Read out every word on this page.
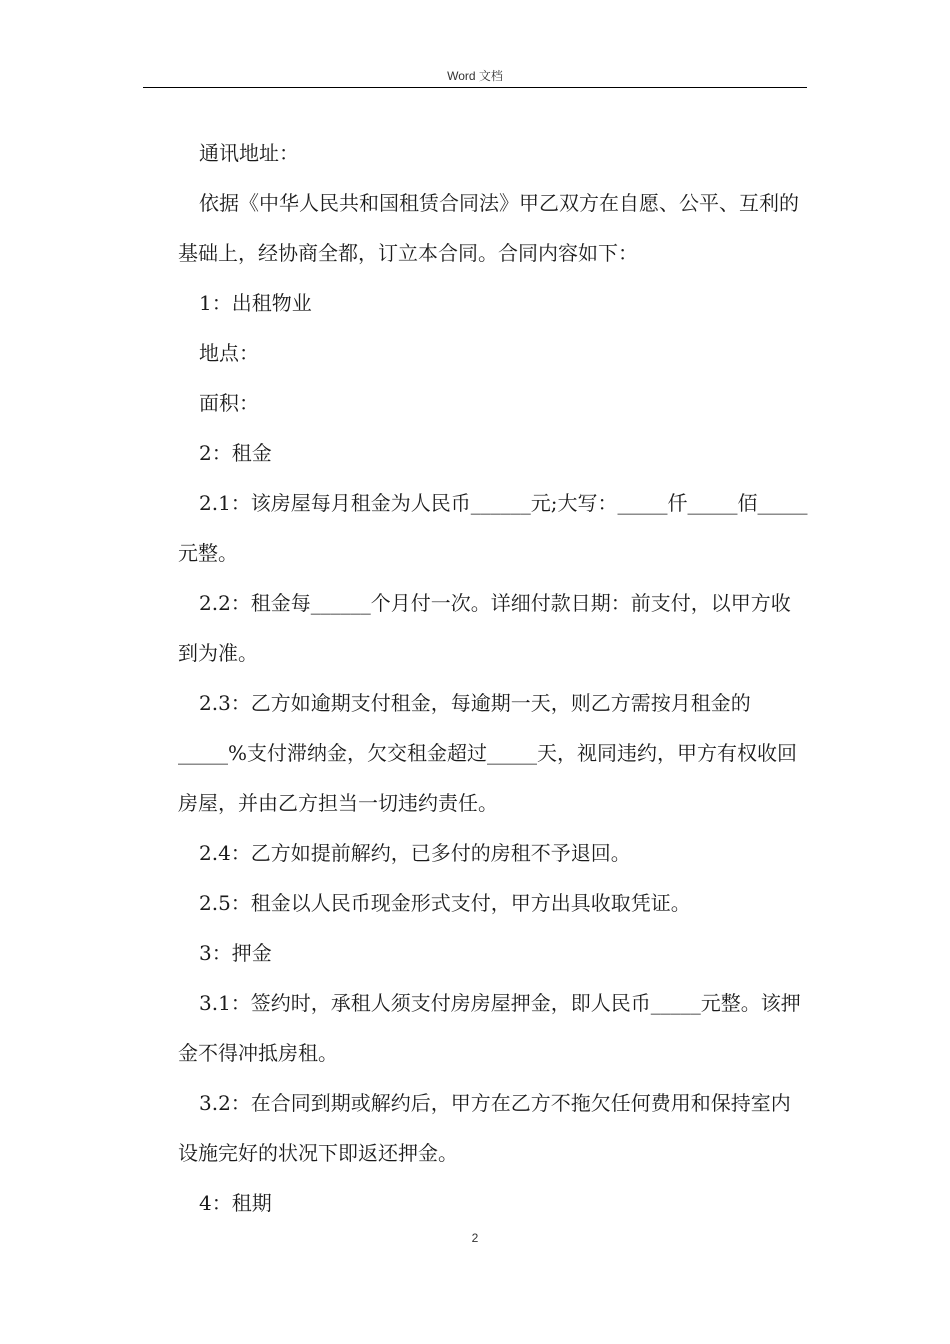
Word 文档

通讯地址：

依据《中华人民共和国租赁合同法》甲乙双方在自愿、公平、互利的基础上，经协商全都，订立本合同。合同内容如下：

1：出租物业

地点：

面积：

2：租金

2.1：该房屋每月租金为人民币______元;大写：_____仟_____佰_____元整。

2.2：租金每______个月付一次。详细付款日期：前支付，以甲方收到为准。

2.3：乙方如逾期支付租金，每逾期一天，则乙方需按月租金的_____%支付滞纳金，欠交租金超过_____天，视同违约，甲方有权收回房屋，并由乙方担当一切违约责任。

2.4：乙方如提前解约，已多付的房租不予退回。

2.5：租金以人民币现金形式支付，甲方出具收取凭证。

3：押金

3.1：签约时，承租人须支付房房屋押金，即人民币_____元整。该押金不得冲抵房租。

3.2：在合同到期或解约后，甲方在乙方不拖欠任何费用和保持室内设施完好的状况下即返还押金。

4：租期

2
